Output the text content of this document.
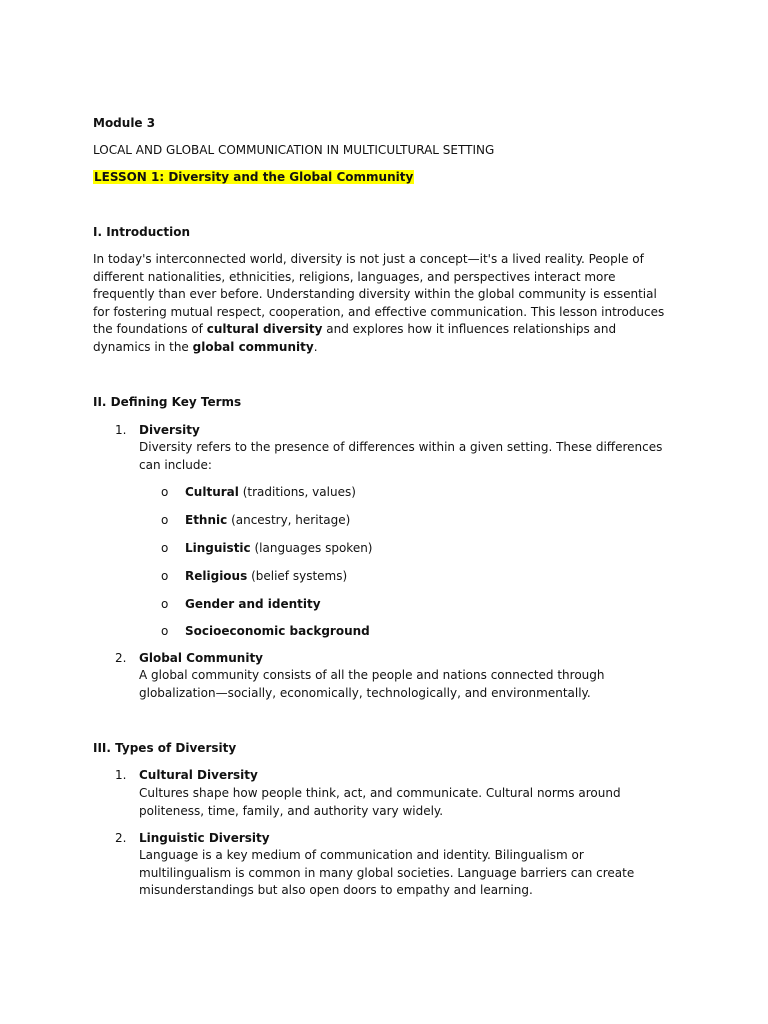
Module 3

LOCAL AND GLOBAL COMMUNICATION IN MULTICULTURAL SETTING

LESSON 1: Diversity and the Global Community

I. Introduction

In today's interconnected world, diversity is not just a concept—it's a lived reality. People of different nationalities, ethnicities, religions, languages, and perspectives interact more frequently than ever before. Understanding diversity within the global community is essential for fostering mutual respect, cooperation, and effective communication. This lesson introduces the foundations of cultural diversity and explores how it influences relationships and dynamics in the global community.

II. Defining Key Terms

1. Diversity

Diversity refers to the presence of differences within a given setting. These differences can include:

o Cultural (traditions, values)

o Ethnic (ancestry, heritage)

o Linguistic (languages spoken)

o Religious (belief systems)

o Gender and identity

o Socioeconomic background

2. Global Community

A global community consists of all the people and nations connected through globalization—socially, economically, technologically, and environmentally.

III. Types of Diversity

1. Cultural Diversity

Cultures shape how people think, act, and communicate. Cultural norms around politeness, time, family, and authority vary widely.

2. Linguistic Diversity

Language is a key medium of communication and identity. Bilingualism or multilingualism is common in many global societies. Language barriers can create misunderstandings but also open doors to empathy and learning.
